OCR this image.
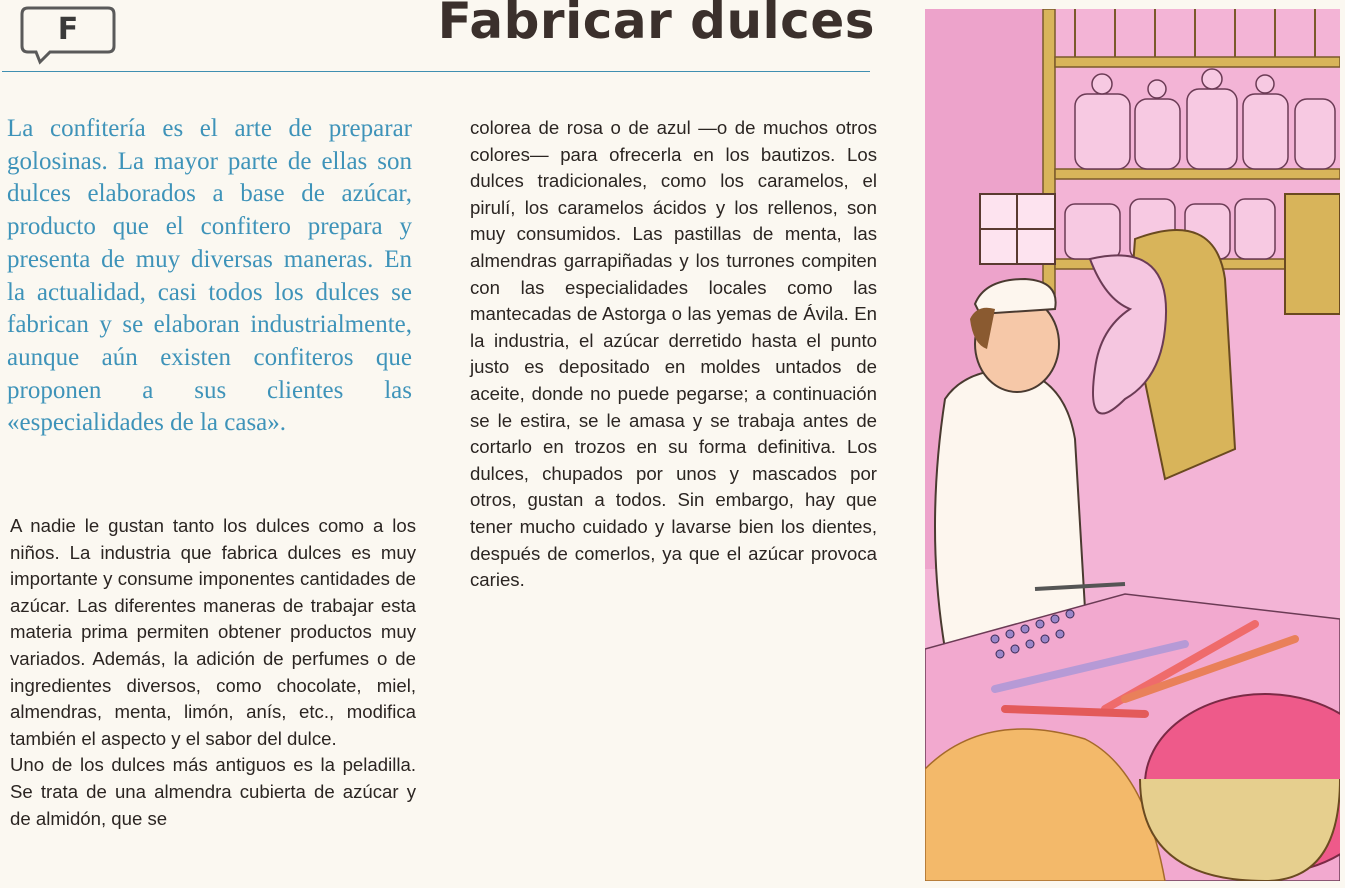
F	Fabricar dulces

La confitería es el arte de preparar golosinas. La mayor parte de ellas son dulces elaborados a base de azúcar, producto que el confitero prepara y presenta de muy diversas maneras. En la actualidad, casi todos los dulces se fabrican y se elaboran industrialmente, aunque aún existen confiteros que proponen a sus clientes las «especialidades de la casa».

A nadie le gustan tanto los dulces como a los niños. La industria que fabrica dulces es muy importante y consume imponentes cantidades de azúcar. Las diferentes maneras de trabajar esta materia prima permiten obtener productos muy variados. Además, la adición de perfumes o de ingredientes diversos, como chocolate, miel, almendras, menta, limón, anís, etc., modifica también el aspecto y el sabor del dulce.

Uno de los dulces más antiguos es la peladilla. Se trata de una almendra cubierta de azúcar y de almidón, que se

colorea de rosa o de azul —o de muchos otros colores— para ofrecerla en los bautizos. Los dulces tradicionales, como los caramelos, el pirulí, los caramelos ácidos y los rellenos, son muy consumidos. Las pastillas de menta, las almendras garrapiñadas y los turrones compiten con las especialidades locales como las mantecadas de Astorga o las yemas de Ávila. En la industria, el azúcar derretido hasta el punto justo es depositado en moldes untados de aceite, donde no puede pegarse; a continuación se le estira, se le amasa y se trabaja antes de cortarlo en trozos en su forma definitiva. Los dulces, chupados por unos y mascados por otros, gustan a todos. Sin embargo, hay que tener mucho cuidado y lavarse bien los dientes, después de comerlos, ya que el azúcar provoca caries.
